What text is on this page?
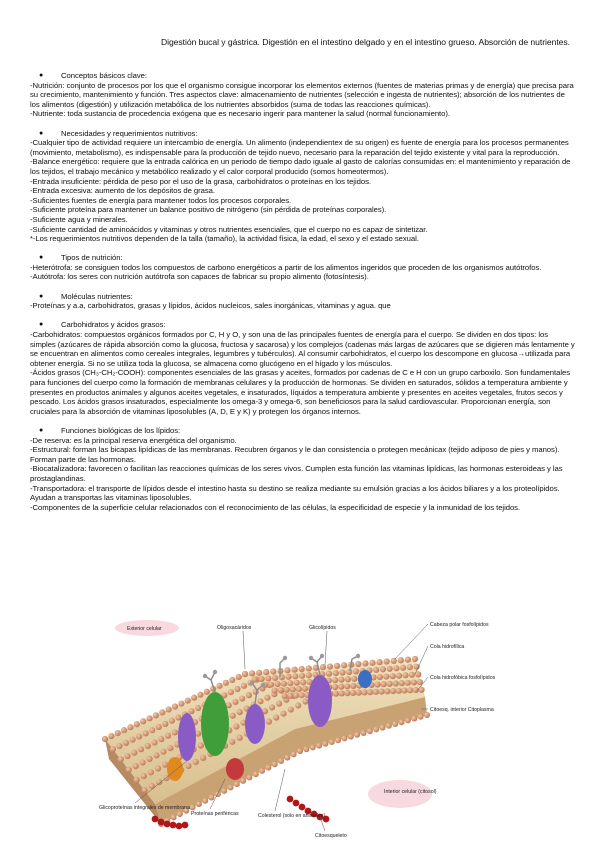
Digestión bucal y gástrica. Digestión en el intestino delgado y en el intestino grueso. Absorción de nutrientes.
● Conceptos básicos clave:

-Nutrición: conjunto de procesos por los que el organismo consigue incorporar los elementos externos (fuentes de materias primas y de energía) que precisa para su crecimiento, mantenimiento y función. Tres aspectos clave: almacenamiento de nutrientes (selección e ingesta de nutrientes); absorción de los nutrientes de los alimentos (digestión) y utilización metabólica de los nutrientes absorbidos (suma de todas las reacciones químicas).

-Nutriente: toda sustancia de procedencia exógena que es necesario ingerir para mantener la salud (normal funcionamiento).

● Necesidades y requerimientos nutritivos:

-Cualquier tipo de actividad requiere un intercambio de energía. Un alimento (independientex de su origen) es fuente de energía para los procesos permanentes (movimiento, metabolismo), es indispensable para la producción de tejido nuevo, necesario para la reparación del tejido existente y vital para la reproducción.

-Balance energético: requiere que la entrada calórica en un periodo de tiempo dado iguale al gasto de calorías consumidas en: el mantenimiento y reparación de los tejidos, el trabajo mecánico y metabólico realizado y el calor corporal producido (somos homeotermos).

-Entrada insuficiente: pérdida de peso por el uso de la grasa, carbohidratos o proteínas en los tejidos.

-Entrada excesiva: aumento de los depósitos de grasa.

-Suficientes fuentes de energía para mantener todos los procesos corporales.

-Suficiente proteína para mantener un balance positivo de nitrógeno (sin pérdida de proteínas corporales).

-Suficiente agua y minerales.

-Suficiente cantidad de aminoácidos y vitaminas y otros nutrientes esenciales, que el cuerpo no es capaz de sintetizar.

*-Los requerimientos nutritivos dependen de la talla (tamaño), la actividad física, la edad, el sexo y el estado sexual.

● Tipos de nutrición:

-Heterótrofa: se consiguen todos los compuestos de carbono energéticos a partir de los alimentos ingeridos que proceden de los organismos autótrofos.

-Autótrofa: los seres con nutrición autótrofa son capaces de fabricar su propio alimento (fotosíntesis).

● Moléculas nutrientes:

-Proteínas y a.a, carbohidratos, grasas y lípidos, ácidos nucleicos, sales inorgánicas, vitaminas y agua. que

● Carbohidratos y ácidos grasos:

-Carbohidratos: compuestos orgánicos formados por C, H y O, y son una de las principales fuentes de energía para el cuerpo. Se dividen en dos tipos: los simples (azúcares de rápida absorción como la glucosa, fructosa y sacarosa) y los complejos (cadenas más largas de azúcares que se digieren más lentamente y se encuentran en alimentos como cereales integrales, legumbres y tubérculos). Al consumir carbohidratos, el cuerpo los descompone en glucosa→utilizada para obtener energía. Si no se utiliza toda la glucosa, se almacena como glucógeno en el hígado y los músculos.

-Ácidos grasos (CH₃-CH₂-COOH): componentes esenciales de las grasas y aceites, formados por cadenas de C e H con un grupo carboxilo. Son fundamentales para funciones del cuerpo como la formación de membranas celulares y la producción de hormonas. Se dividen en saturados, sólidos a temperatura ambiente y presentes en productos animales y algunos aceites vegetales, e insaturados, líquidos a temperatura ambiente y presentes en aceites vegetales, frutos secos y pescado. Los ácidos grasos insaturados, especialmente los omega-3 y omega-6, son beneficiosos para la salud cardiovascular. Proporcionan energía, son cruciales para la absorción de vitaminas liposolubles (A, D, E y K) y protegen los órganos internos.

● Funciones biológicas de los lípidos:

-De reserva: es la principal reserva energética del organismo.

-Estructural: forman las bicapas lipídicas de las membranas. Recubren órganos y le dan consistencia o protegen mecánicax (tejido adiposo de pies y manos). Forman parte de las hormonas.

-Biocatalizadora: favorecen o facilitan las reacciones químicas de los seres vivos. Cumplen esta función las vitaminas lipídicas, las hormonas esteroideas y las prostaglandinas.

-Transportadora: el transporte de lípidos desde el intestino hasta su destino se realiza mediante su emulsión gracias a los ácidos biliares y a los proteolípidos. Ayudan a transportas las vitaminas liposolubles.

-Componentes de la superficie celular relacionados con el reconocimiento de las células, la especificidad de especie y la inmunidad de los tejidos.

Exterior celular
Interior celular (citosol)
Oligosacáridos	Glicolípidos	Cabeza polar fosfolípidos
Cola hidrofílica
Cola hidrofóbica fosfolípidos
Citoesq. interior Citoplasma
Glicoproteínas integrales de membrana
Proteínas periféricas	Colesterol (solo en animales)
Citoesqueleto
